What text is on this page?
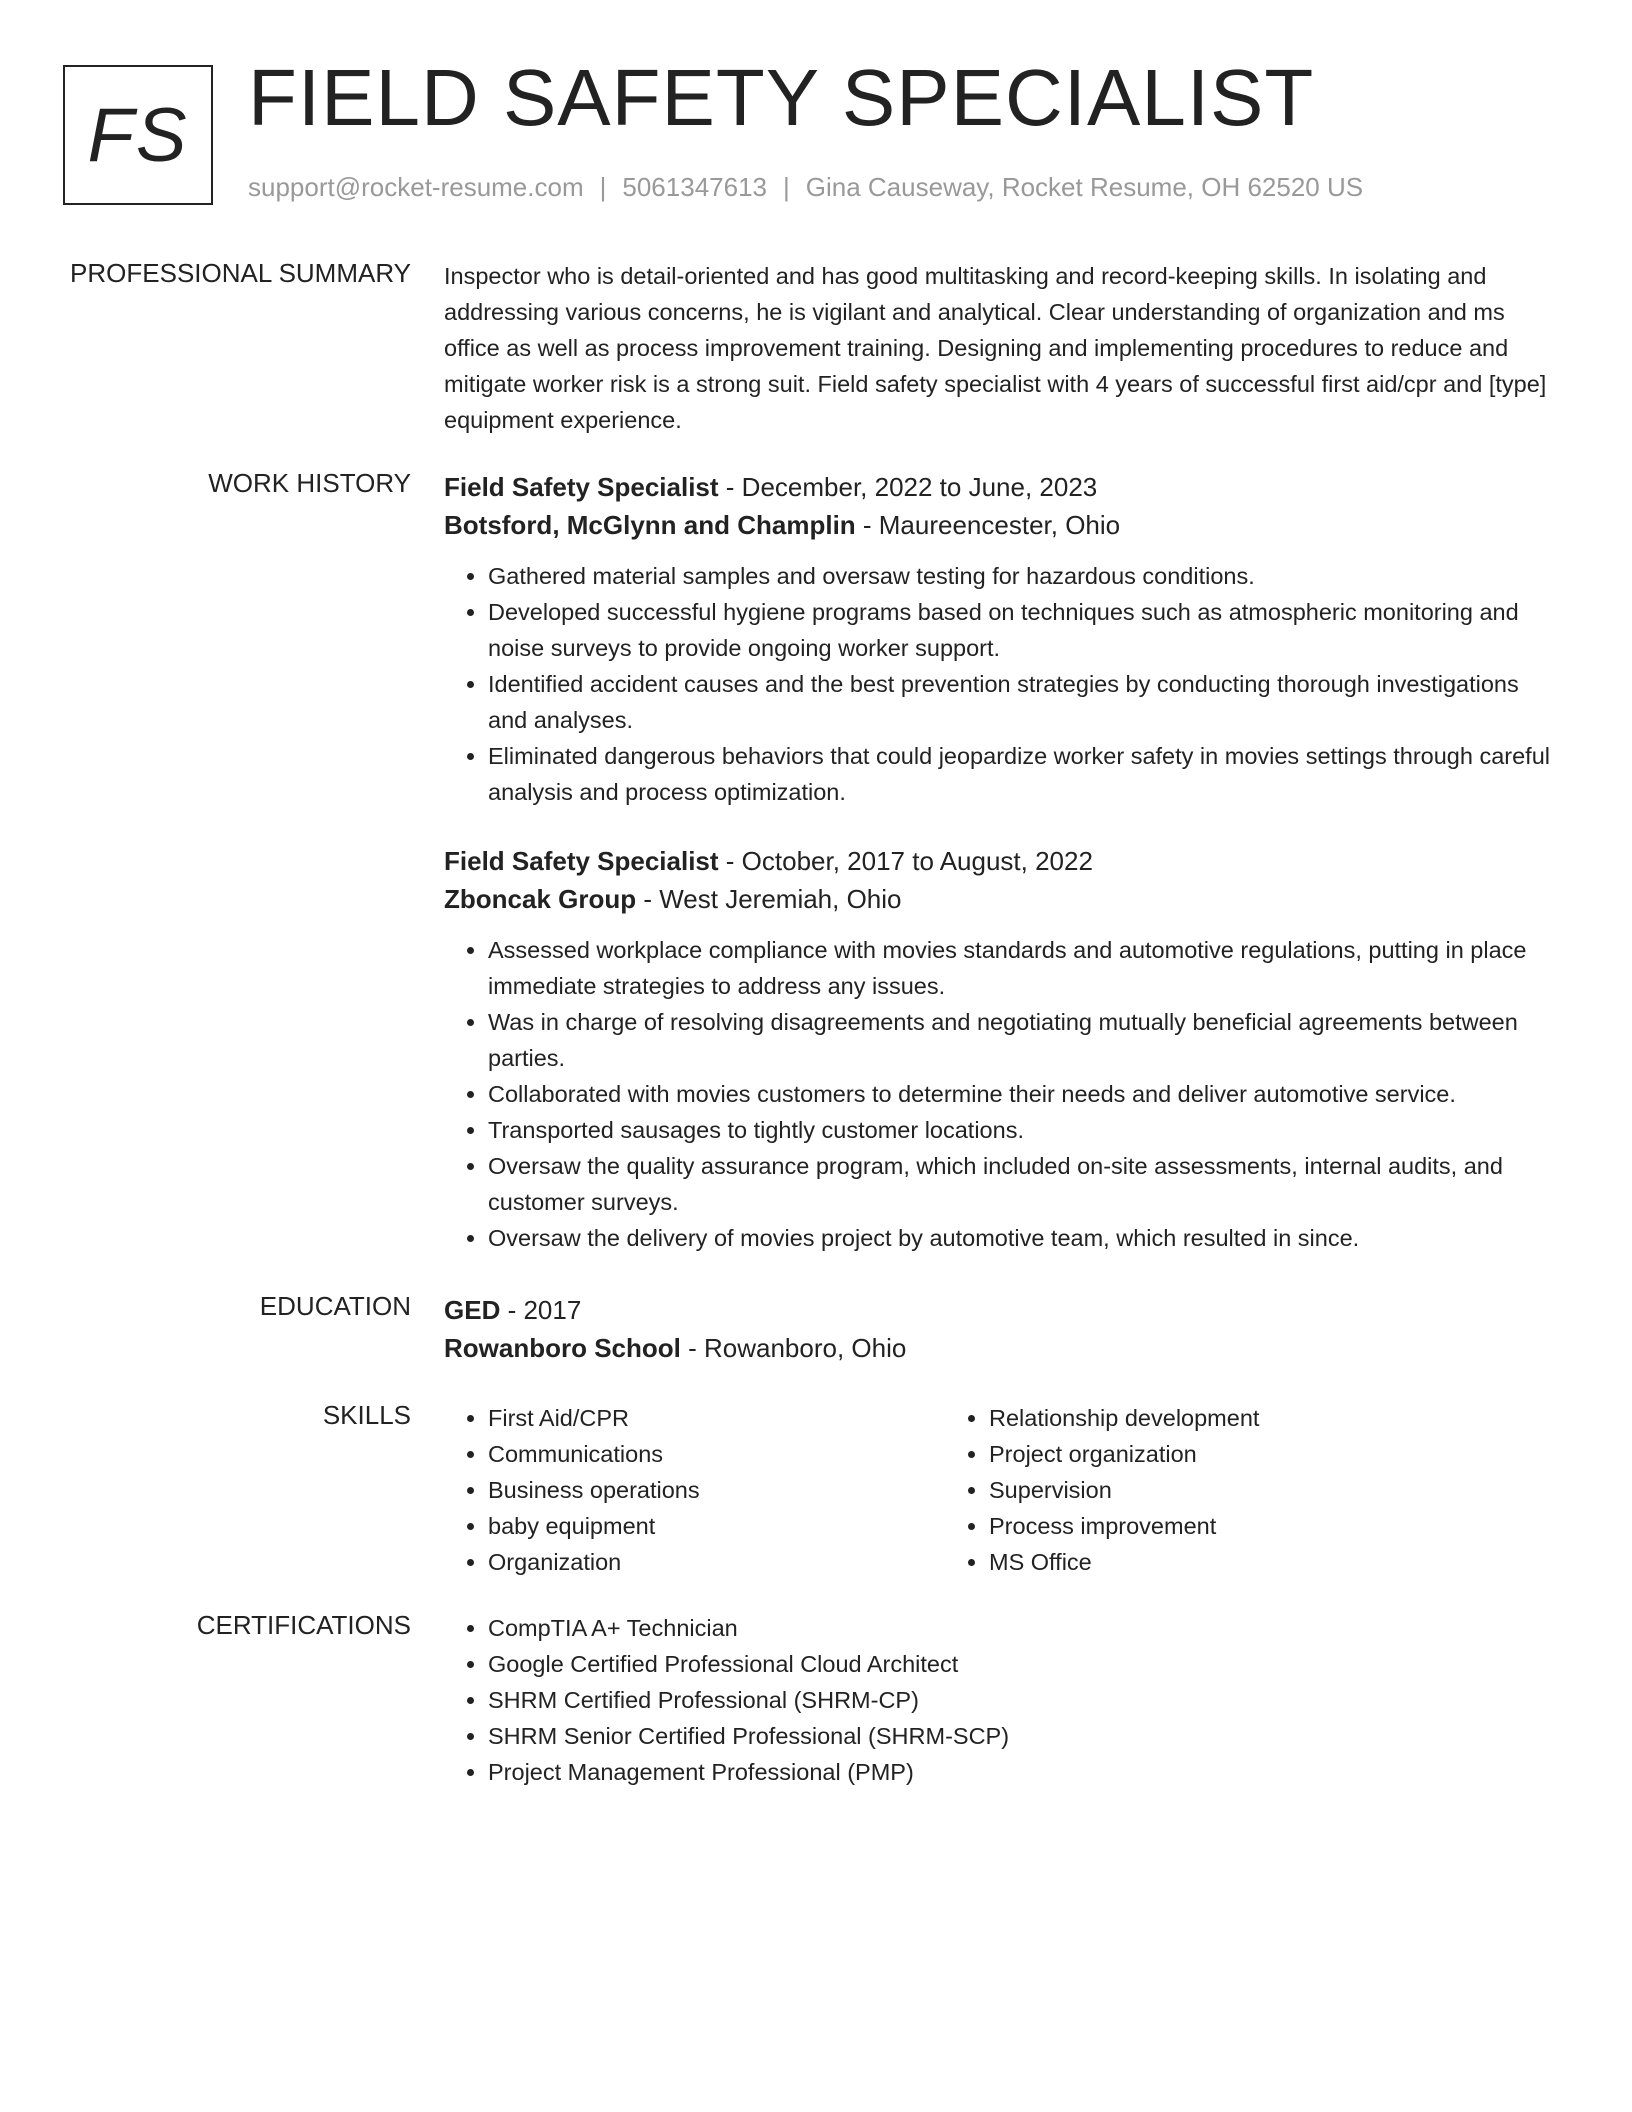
FS FIELD SAFETY SPECIALIST
support@rocket-resume.com | 5061347613 | Gina Causeway, Rocket Resume, OH 62520 US
PROFESSIONAL SUMMARY Inspector who is detail-oriented and has good multitasking and record-keeping skills. In isolating and addressing various concerns, he is vigilant and analytical. Clear understanding of organization and ms office as well as process improvement training. Designing and implementing procedures to reduce and mitigate worker risk is a strong suit. Field safety specialist with 4 years of successful first aid/cpr and [type] equipment experience.

WORK HISTORY Field Safety Specialist - December, 2022 to June, 2023

Botsford, McGlynn and Champlin - Maureencester, Ohio

• Gathered material samples and oversaw testing for hazardous conditions.
• Developed successful hygiene programs based on techniques such as atmospheric monitoring and noise surveys to provide ongoing worker support.
• Identified accident causes and the best prevention strategies by conducting thorough investigations and analyses.
• Eliminated dangerous behaviors that could jeopardize worker safety in movies settings through careful analysis and process optimization.

Field Safety Specialist - October, 2017 to August, 2022

Zboncak Group - West Jeremiah, Ohio

• Assessed workplace compliance with movies standards and automotive regulations, putting in place immediate strategies to address any issues.
• Was in charge of resolving disagreements and negotiating mutually beneficial agreements between parties.
• Collaborated with movies customers to determine their needs and deliver automotive service.
• Transported sausages to tightly customer locations.
• Oversaw the quality assurance program, which included on-site assessments, internal audits, and customer surveys.
• Oversaw the delivery of movies project by automotive team, which resulted in since.
EDUCATION GED - 2017

Rowanboro School - Rowanboro, Ohio

SKILLS	• First Aid/CPR
• Communications
• Business operations
• baby equipment
• Organization
• Relationship development
• Project organization
• Supervision
• Process improvement
• MS Office
CERTIFICATIONS	• CompTIA A+ Technician
• Google Certified Professional Cloud Architect
• SHRM Certified Professional (SHRM-CP)
• SHRM Senior Certified Professional (SHRM-SCP)
• Project Management Professional (PMP)
